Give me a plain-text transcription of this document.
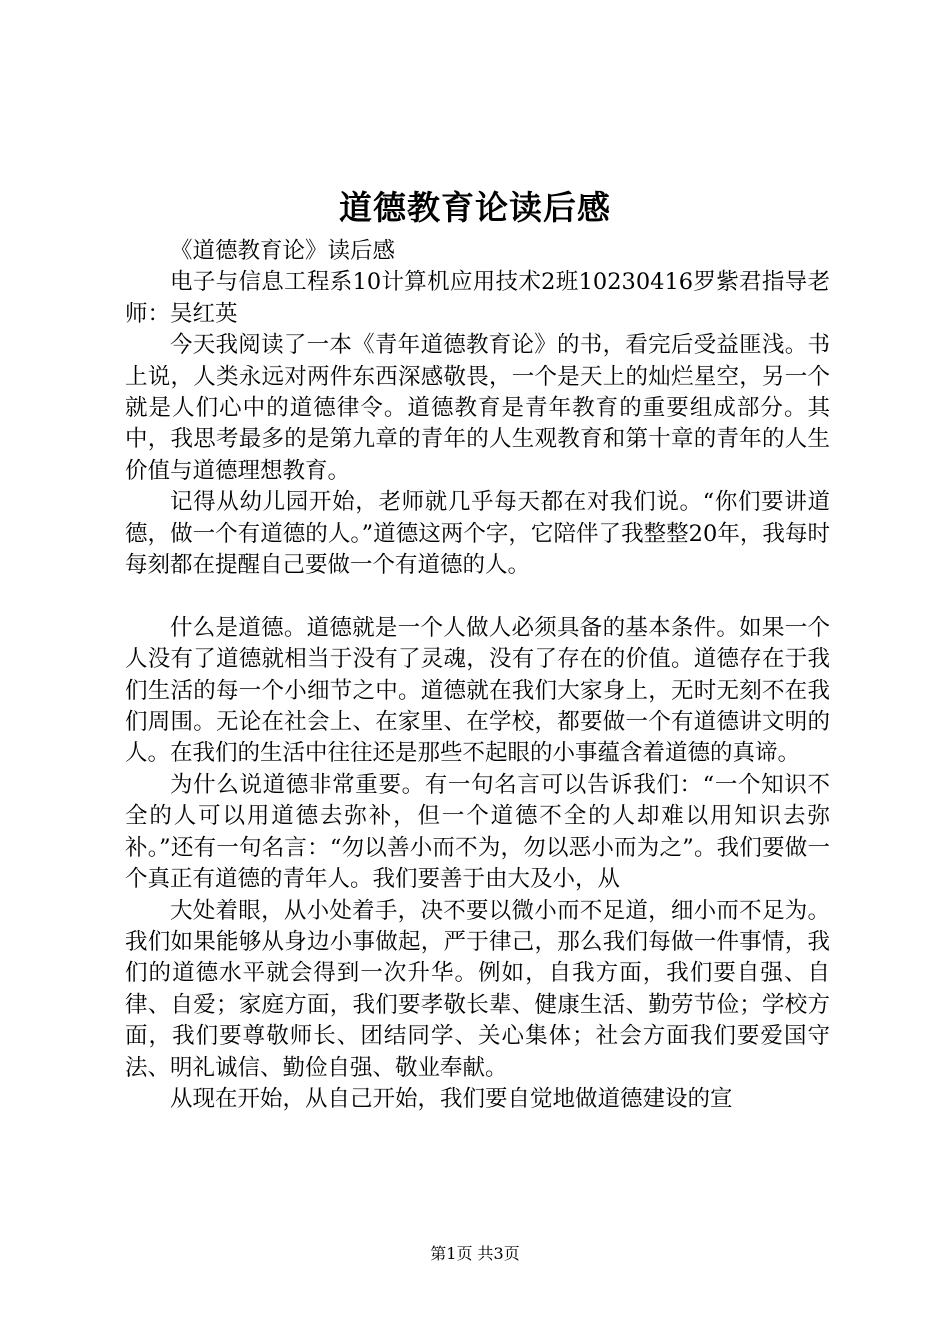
道德教育论读后感

《道德教育论》读后感

电子与信息工程系10计算机应用技术2班10230416罗紫君指导老师：吴红英

今天我阅读了一本《青年道德教育论》的书，看完后受益匪浅。书上说，人类永远对两件东西深感敬畏，一个是天上的灿烂星空，另一个就是人们心中的道德律令。道德教育是青年教育的重要组成部分。其中，我思考最多的是第九章的青年的人生观教育和第十章的青年的人生价值与道德理想教育。

记得从幼儿园开始，老师就几乎每天都在对我们说。“你们要讲道德，做一个有道德的人。”道德这两个字，它陪伴了我整整20年，我每时每刻都在提醒自己要做一个有道德的人。

什么是道德。道德就是一个人做人必须具备的基本条件。如果一个人没有了道德就相当于没有了灵魂，没有了存在的价值。道德存在于我们生活的每一个小细节之中。道德就在我们大家身上，无时无刻不在我们周围。无论在社会上、在家里、在学校，都要做一个有道德讲文明的人。在我们的生活中往往还是那些不起眼的小事蕴含着道德的真谛。

为什么说道德非常重要。有一句名言可以告诉我们：“一个知识不全的人可以用道德去弥补，但一个道德不全的人却难以用知识去弥补。”还有一句名言：“勿以善小而不为，勿以恶小而为之”。我们要做一个真正有道德的青年人。我们要善于由大及小，从

大处着眼，从小处着手，决不要以微小而不足道，细小而不足为。我们如果能够从身边小事做起，严于律己，那么我们每做一件事情，我们的道德水平就会得到一次升华。例如，自我方面，我们要自强、自律、自爱；家庭方面，我们要孝敬长辈、健康生活、勤劳节俭；学校方面，我们要尊敬师长、团结同学、关心集体；社会方面我们要爱国守法、明礼诚信、勤俭自强、敬业奉献。

从现在开始，从自己开始，我们要自觉地做道德建设的宣

第1页 共3页
